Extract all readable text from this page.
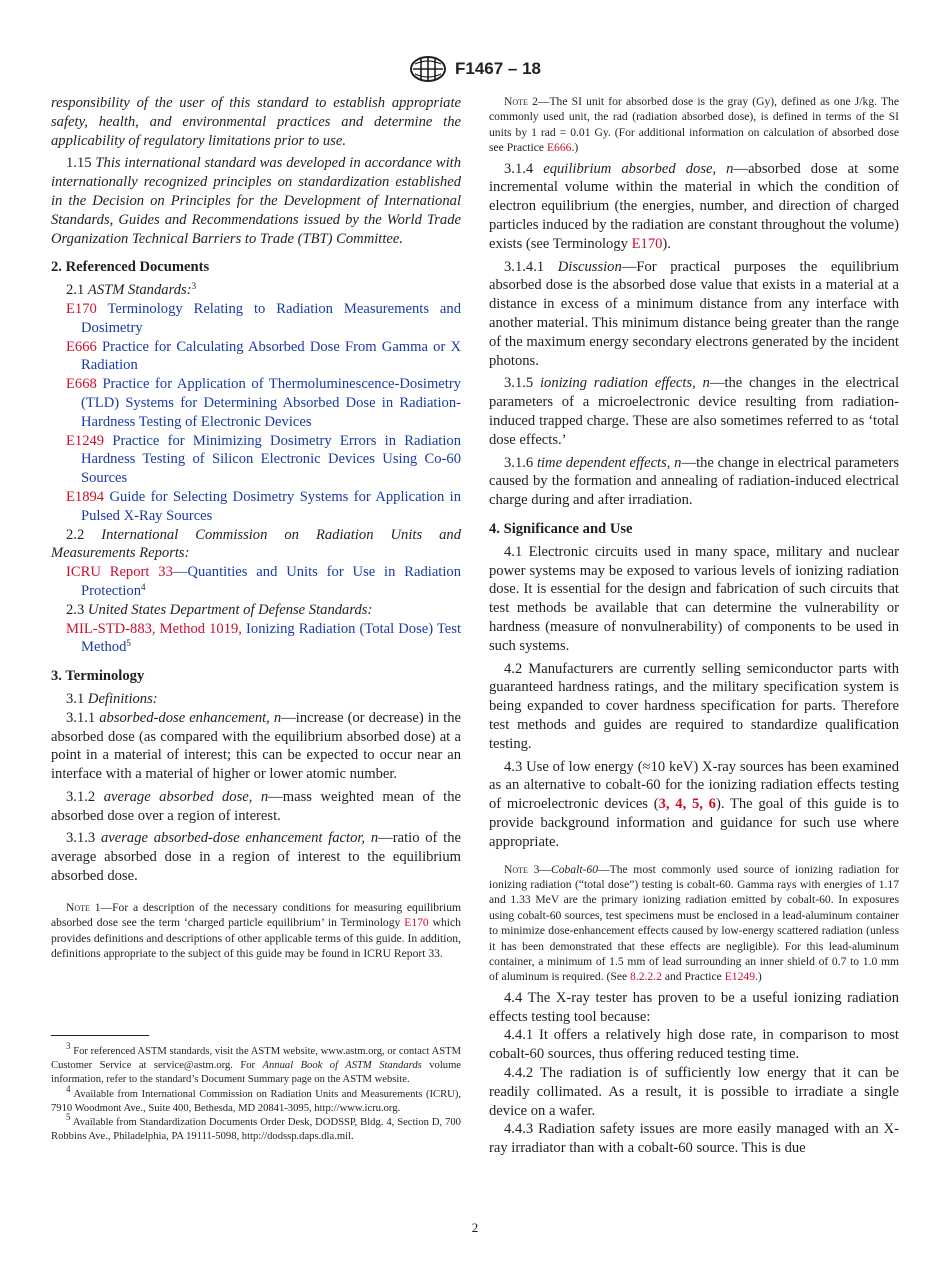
F1467 – 18

responsibility of the user of this standard to establish appropriate safety, health, and environmental practices and determine the applicability of regulatory limitations prior to use.

1.15 This international standard was developed in accordance with internationally recognized principles on standardization established in the Decision on Principles for the Development of International Standards, Guides and Recommendations issued by the World Trade Organization Technical Barriers to Trade (TBT) Committee.

2. Referenced Documents

2.1 ASTM Standards:$^3$

E170 Terminology Relating to Radiation Measurements and Dosimetry

E666 Practice for Calculating Absorbed Dose From Gamma or X Radiation

E668 Practice for Application of Thermoluminescence-Dosimetry (TLD) Systems for Determining Absorbed Dose in Radiation-Hardness Testing of Electronic Devices

E1249 Practice for Minimizing Dosimetry Errors in Radiation Hardness Testing of Silicon Electronic Devices Using Co-60 Sources

E1894 Guide for Selecting Dosimetry Systems for Application in Pulsed X-Ray Sources

2.2 International Commission on Radiation Units and Measurements Reports:

ICRU Report 33—Quantities and Units for Use in Radiation Protection$^4$

2.3 United States Department of Defense Standards:

MIL-STD-883, Method 1019, Ionizing Radiation (Total Dose) Test Method$^5$

3. Terminology

3.1 Definitions:

3.1.1 absorbed-dose enhancement, n—increase (or decrease) in the absorbed dose (as compared with the equilibrium absorbed dose) at a point in a material of interest; this can be expected to occur near an interface with a material of higher or lower atomic number.

3.1.2 average absorbed dose, n—mass weighted mean of the absorbed dose over a region of interest.

3.1.3 average absorbed-dose enhancement factor, n—ratio of the average absorbed dose in a region of interest to the equilibrium absorbed dose.

Note 1—For a description of the necessary conditions for measuring equilibrium absorbed dose see the term ‘charged particle equilibrium’ in Terminology E170 which provides definitions and descriptions of other applicable terms of this guide. In addition, definitions appropriate to the subject of this guide may be found in ICRU Report 33.

$^3$ For referenced ASTM standards, visit the ASTM website, www.astm.org, or contact ASTM Customer Service at service@astm.org. For Annual Book of ASTM Standards volume information, refer to the standard’s Document Summary page on the ASTM website.

$^4$ Available from International Commission on Radiation Units and Measurements (ICRU), 7910 Woodmont Ave., Suite 400, Bethesda, MD 20841-3095, http://www.icru.org.

$^5$ Available from Standardization Documents Order Desk, DODSSP, Bldg. 4, Section D, 700 Robbins Ave., Philadelphia, PA 19111-5098, http://dodssp.daps.dla.mil.

Note 2—The SI unit for absorbed dose is the gray (Gy), defined as one J/kg. The commonly used unit, the rad (radiation absorbed dose), is defined in terms of the SI units by 1 rad = 0.01 Gy. (For additional information on calculation of absorbed dose see Practice E666.)

3.1.4 equilibrium absorbed dose, n—absorbed dose at some incremental volume within the material in which the condition of electron equilibrium (the energies, number, and direction of charged particles induced by the radiation are constant throughout the volume) exists (see Terminology E170).

3.1.4.1 Discussion—For practical purposes the equilibrium absorbed dose is the absorbed dose value that exists in a material at a distance in excess of a minimum distance from any interface with another material. This minimum distance being greater than the range of the maximum energy secondary electrons generated by the incident photons.

3.1.5 ionizing radiation effects, n—the changes in the electrical parameters of a microelectronic device resulting from radiation-induced trapped charge. These are also sometimes referred to as ‘total dose effects.’

3.1.6 time dependent effects, n—the change in electrical parameters caused by the formation and annealing of radiation-induced electrical charge during and after irradiation.

4. Significance and Use

4.1 Electronic circuits used in many space, military and nuclear power systems may be exposed to various levels of ionizing radiation dose. It is essential for the design and fabrication of such circuits that test methods be available that can determine the vulnerability or hardness (measure of nonvulnerability) of components to be used in such systems.

4.2 Manufacturers are currently selling semiconductor parts with guaranteed hardness ratings, and the military specification system is being expanded to cover hardness specification for parts. Therefore test methods and guides are required to standardize qualification testing.

4.3 Use of low energy (≈10 keV) X-ray sources has been examined as an alternative to cobalt-60 for the ionizing radiation effects testing of microelectronic devices (3, 4, 5, 6). The goal of this guide is to provide background information and guidance for such use where appropriate.

Note 3—Cobalt-60—The most commonly used source of ionizing radiation for ionizing radiation (“total dose”) testing is cobalt-60. Gamma rays with energies of 1.17 and 1.33 MeV are the primary ionizing radiation emitted by cobalt-60. In exposures using cobalt-60 sources, test specimens must be enclosed in a lead-aluminum container to minimize dose-enhancement effects caused by low-energy scattered radiation (unless it has been demonstrated that these effects are negligible). For this lead-aluminum container, a minimum of 1.5 mm of lead surrounding an inner shield of 0.7 to 1.0 mm of aluminum is required. (See 8.2.2.2 and Practice E1249.)

4.4 The X-ray tester has proven to be a useful ionizing radiation effects testing tool because:

4.4.1 It offers a relatively high dose rate, in comparison to most cobalt-60 sources, thus offering reduced testing time.

4.4.2 The radiation is of sufficiently low energy that it can be readily collimated. As a result, it is possible to irradiate a single device on a wafer.

4.4.3 Radiation safety issues are more easily managed with an X-ray irradiator than with a cobalt-60 source. This is due

2
